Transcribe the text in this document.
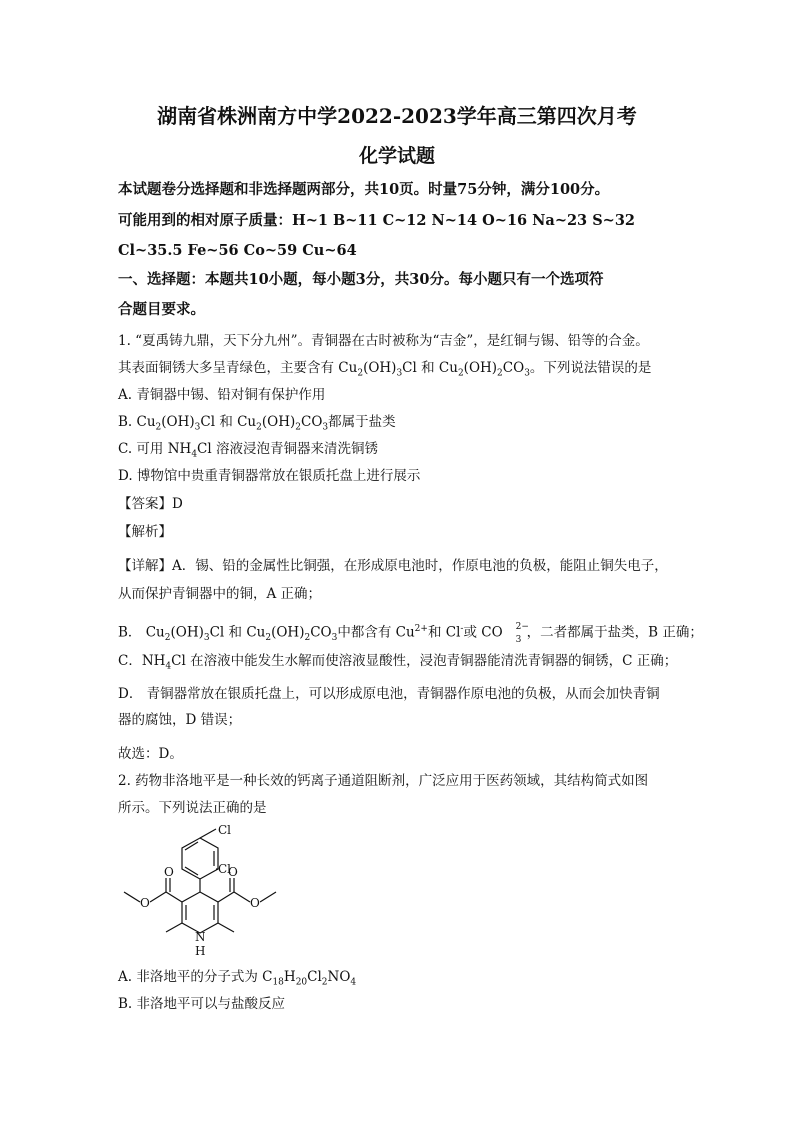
湖南省株洲南方中学2022-2023学年高三第四次月考
化学试题
本试题卷分选择题和非选择题两部分，共10页。时量75分钟，满分100分。
可能用到的相对原子质量：H~1 B~11 C~12 N~14 O~16 Na~23 S~32
Cl~35.5 Fe~56 Co~59 Cu~64
一、选择题：本题共10小题，每小题3分，共30分。每小题只有一个选项符
合题目要求。
1. “夏禹铸九鼎，天下分九州”。青铜器在古时被称为“吉金”，是红铜与锡、铅等的合金。
其表面铜锈大多呈青绿色，主要含有 $Cu_2(OH)_3Cl$ 和 $Cu_2(OH)_2CO_3$。下列说法错误的是
A. 青铜器中锡、铅对铜有保护作用
B. $Cu_2(OH)_3Cl$ 和 $Cu_2(OH)_2CO_3$都属于盐类
C. 可用 $NH_4Cl$ 溶液浸泡青铜器来清洗铜锈
D. 博物馆中贵重青铜器常放在银质托盘上进行展示
【答案】D
【解析】
【详解】A．锡、铅的金属性比铜强，在形成原电池时，作原电池的负极，能阻止铜失电子，
从而保护青铜器中的铜，A 正确；
B． $Cu_2(OH)_3Cl$ 和 $Cu_2(OH)_2CO_3$中都含有 $Cu^{2+}$和 Cl-或 CO 2−
3 ，二者都属于盐类，B 正确；
C．$NH_4Cl$ 在溶液中能发生水解而使溶液显酸性，浸泡青铜器能清洗青铜器的铜锈，C 正确；
D． 青铜器常放在银质托盘上，可以形成原电池，青铜器作原电池的负极，从而会加快青铜
器的腐蚀，D 错误；
故选：D。
2. 药物非洛地平是一种长效的钙离子通道阻断剂，广泛应用于医药领域，其结构简式如图
所示。下列说法正确的是
Cl
Cl
O	O
O	O
N
H
A. 非洛地平的分子式为 $C_{18}H_{20}Cl_2NO_4$
B. 非洛地平可以与盐酸反应
